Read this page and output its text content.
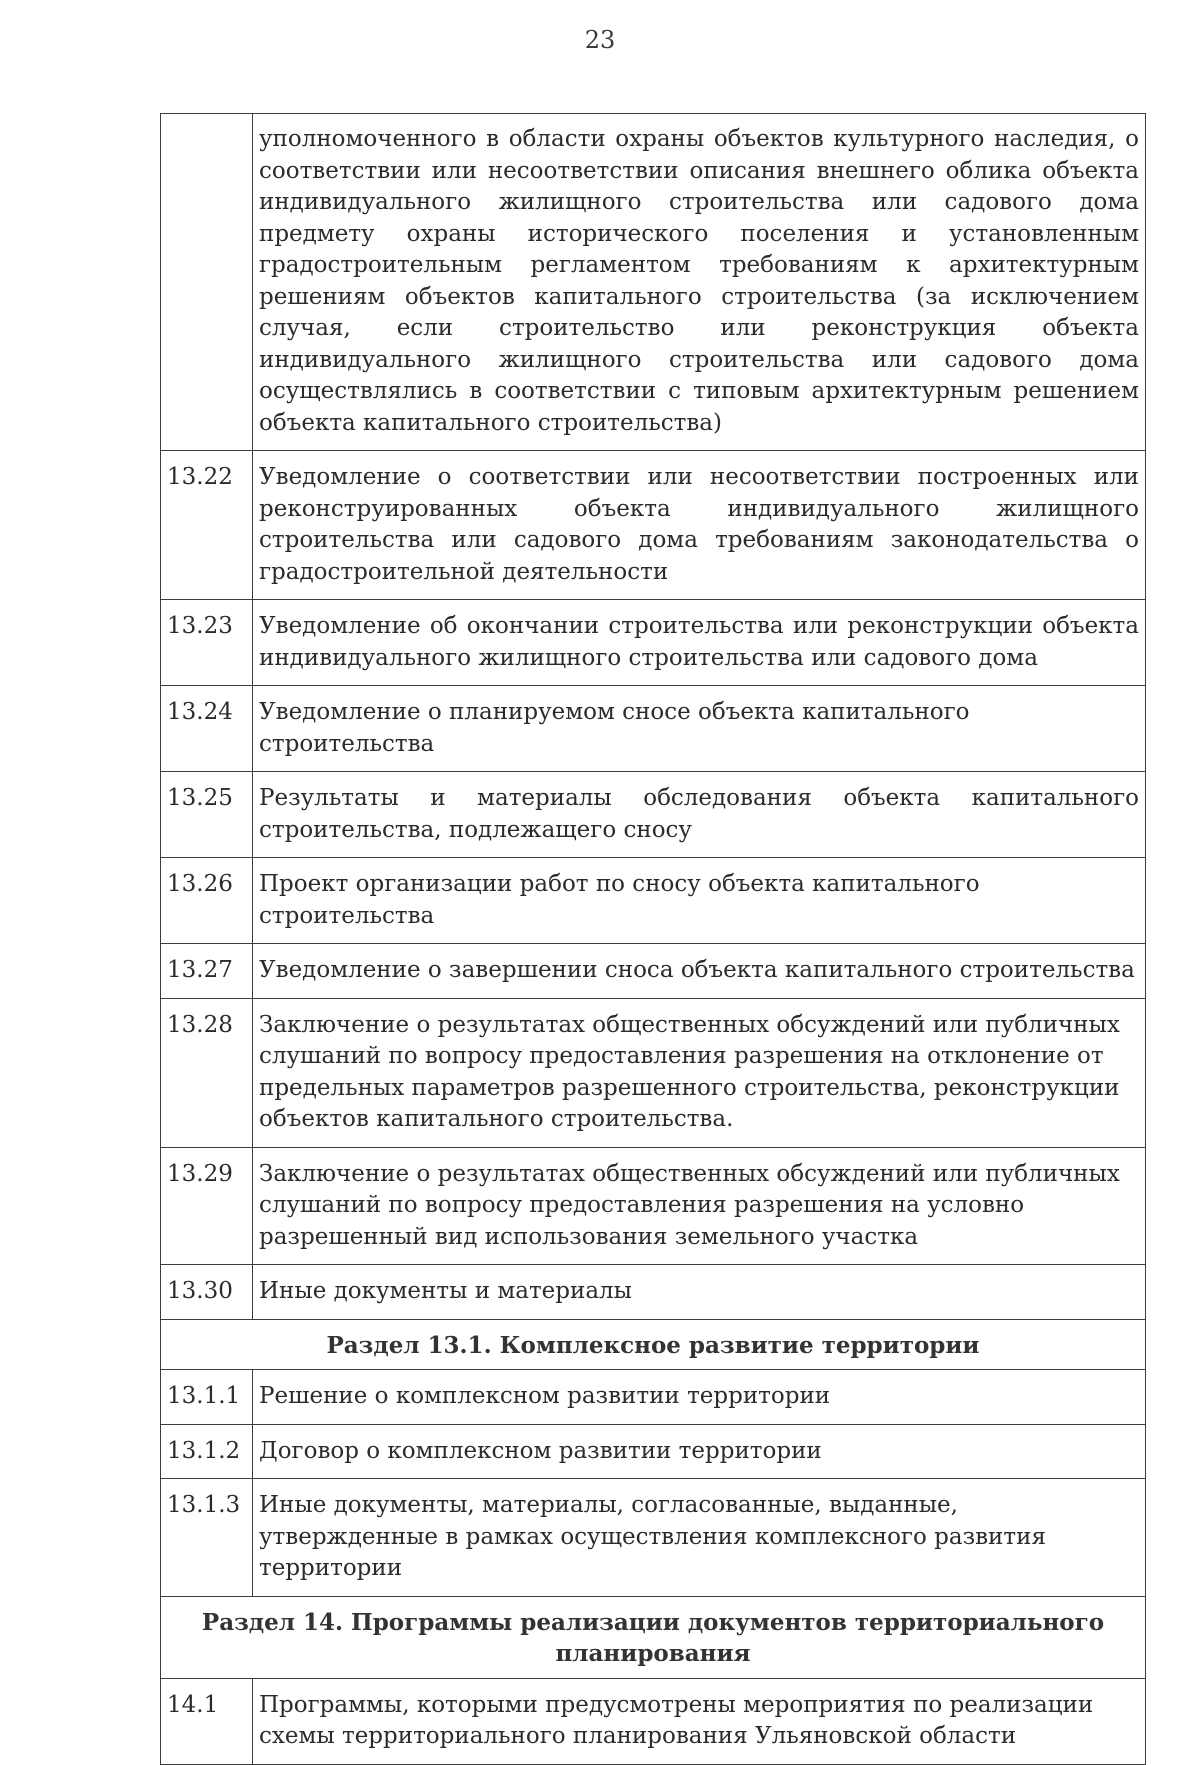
23
	уполномоченного в области охраны объектов культурного наследия, о соответствии или несоответствии описания внешнего облика объекта индивидуального жилищного строительства или садового дома предмету охраны исторического поселения и установленным градостроительным регламентом требованиям к архитектурным решениям объектов капитального строительства (за исключением случая, если строительство или реконструкция объекта индивидуального жилищного строительства или садового дома осуществлялись в соответствии с типовым архитектурным решением объекта капитального строительства)
13.22	Уведомление о соответствии или несоответствии построенных или реконструированных объекта индивидуального жилищного строительства или садового дома требованиям законодательства о градостроительной деятельности
13.23	Уведомление об окончании строительства или реконструкции объекта индивидуального жилищного строительства или садового дома
13.24	Уведомление о планируемом сносе объекта капитального строительства
13.25	Результаты и материалы обследования объекта капитального строительства, подлежащего сносу
13.26	Проект организации работ по сносу объекта капитального строительства
13.27	Уведомление о завершении сноса объекта капитального строительства
13.28	Заключение о результатах общественных обсуждений или публичных слушаний по вопросу предоставления разрешения на отклонение от предельных параметров разрешенного строительства, реконструкции объектов капитального строительства.
13.29	Заключение о результатах общественных обсуждений или публичных слушаний по вопросу предоставления разрешения на условно разрешенный вид использования земельного участка
13.30	Иные документы и материалы
Раздел 13.1. Комплексное развитие территории	
13.1.1	Решение о комплексном развитии территории
13.1.2	Договор о комплексном развитии территории
13.1.3	Иные документы, материалы, согласованные, выданные, утвержденные в рамках осуществления комплексного развития территории
Раздел 14. Программы реализации документов территориального планирования	
14.1	Программы, которыми предусмотрены мероприятия по реализации схемы территориального планирования Ульяновской области
